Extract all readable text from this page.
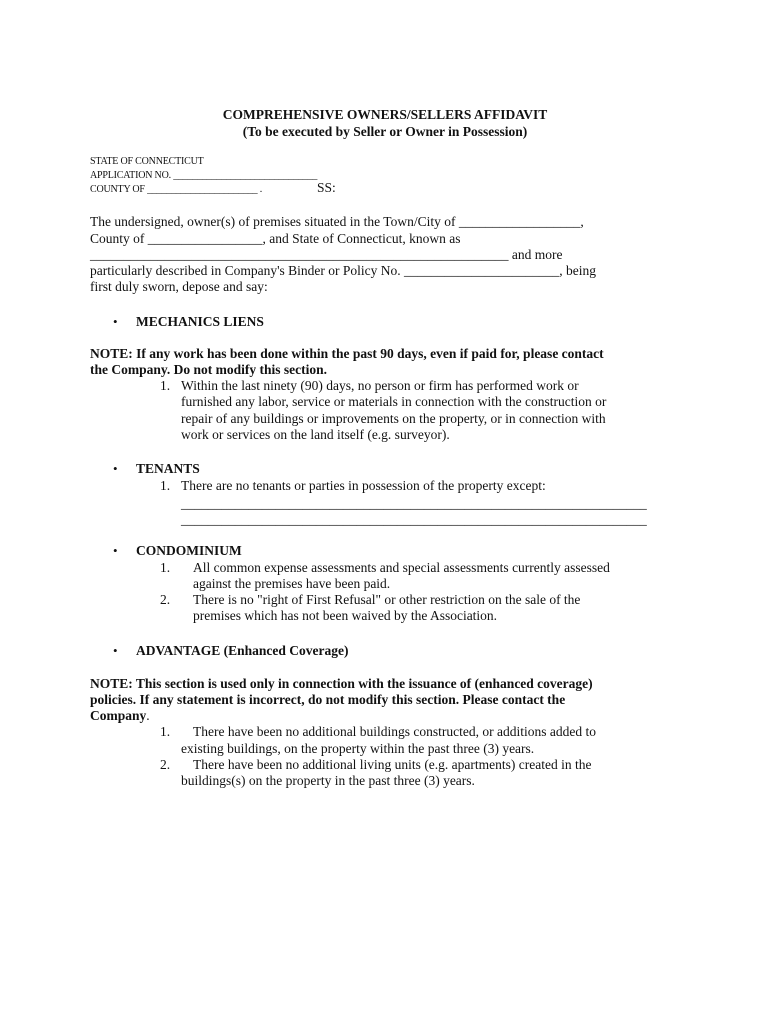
COMPREHENSIVE OWNERS/SELLERS AFFIDAVIT
(To be executed by Seller or Owner in Possession)
STATE OF CONNECTICUT
APPLICATION NO. ______________________________
COUNTY OF _______________________ .	SS:
The undersigned, owner(s) of premises situated in the Town/City of __________________,
County of _________________, and State of Connecticut, known as
______________________________________________________________ and more
particularly described in Company's Binder or Policy No. _______________________, being
first duly sworn, depose and say:
• MECHANICS LIENS
NOTE: If any work has been done within the past 90 days, even if paid for, please contact
the Company. Do not modify this section.
1. Within the last ninety (90) days, no person or firm has performed work or
furnished any labor, service or materials in connection with the construction or
repair of any buildings or improvements on the property, or in connection with
work or services on the land itself (e.g. surveyor).
• TENANTS
1. There are no tenants or parties in possession of the property except:
_____________________________________________________________________
_____________________________________________________________________
• CONDOMINIUM
1. All common expense assessments and special assessments currently assessed
against the premises have been paid.
2. There is no "right of First Refusal" or other restriction on the sale of the
premises which has not been waived by the Association.
• ADVANTAGE (Enhanced Coverage)
NOTE: This section is used only in connection with the issuance of (enhanced coverage)
policies. If any statement is incorrect, do not modify this section. Please contact the
Company.
1. There have been no additional buildings constructed, or additions added to
existing buildings, on the property within the past three (3) years.
2. There have been no additional living units (e.g. apartments) created in the
buildings(s) on the property in the past three (3) years.
